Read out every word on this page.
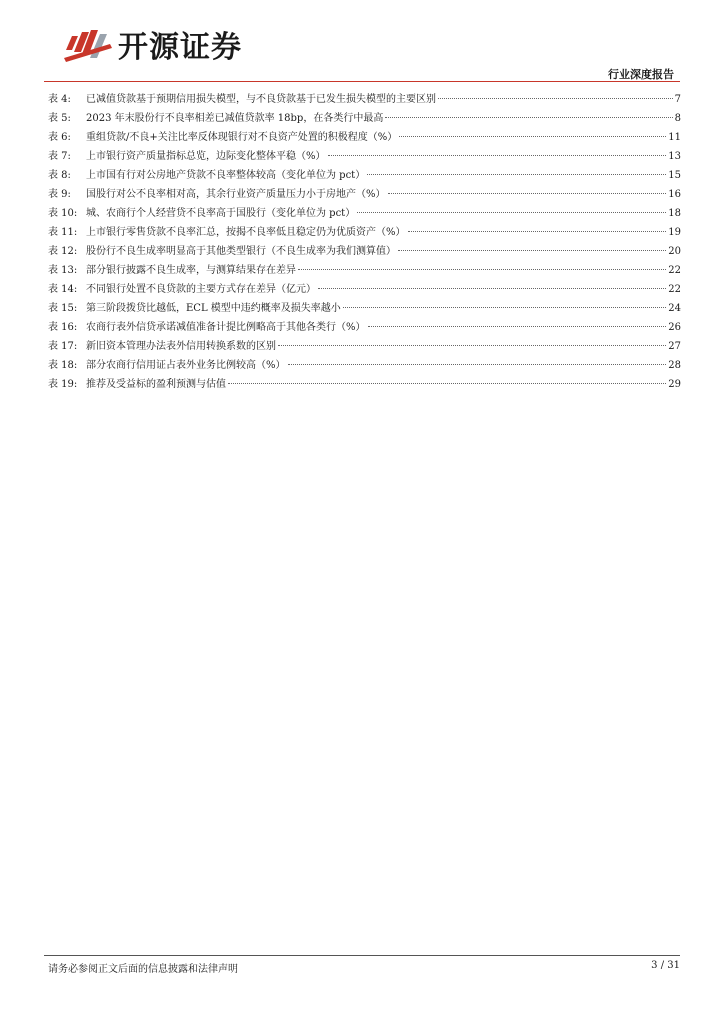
开源证券
行业深度报告
表 4:	已减值贷款基于预期信用损失模型，与不良贷款基于已发生损失模型的主要区别	7
表 5:	2023 年末股份行不良率相差已减值贷款率 18bp，在各类行中最高	8
表 6:	重组贷款/不良+关注比率反体现银行对不良资产处置的积极程度（%）	11
表 7:	上市银行资产质量指标总览，边际变化整体平稳（%）	13
表 8:	上市国有行对公房地产贷款不良率整体较高（变化单位为 pct）	15
表 9:	国股行对公不良率相对高，其余行业资产质量压力小于房地产（%）	16
表 10: 城、农商行个人经营贷不良率高于国股行（变化单位为 pct）	18
表 11: 上市银行零售贷款不良率汇总，按揭不良率低且稳定仍为优质资产（%）	19
表 12: 股份行不良生成率明显高于其他类型银行（不良生成率为我们测算值）	20
表 13: 部分银行披露不良生成率，与测算结果存在差异	22
表 14: 不同银行处置不良贷款的主要方式存在差异（亿元）	22
表 15: 第三阶段拨贷比越低，ECL 模型中违约概率及损失率越小	24
表 16: 农商行表外信贷承诺减值准备计提比例略高于其他各类行（%）	26
表 17: 新旧资本管理办法表外信用转换系数的区别	27
表 18: 部分农商行信用证占表外业务比例较高（%）	28
表 19: 推荐及受益标的盈利预测与估值	29
请务必参阅正文后面的信息披露和法律声明	3 / 31
